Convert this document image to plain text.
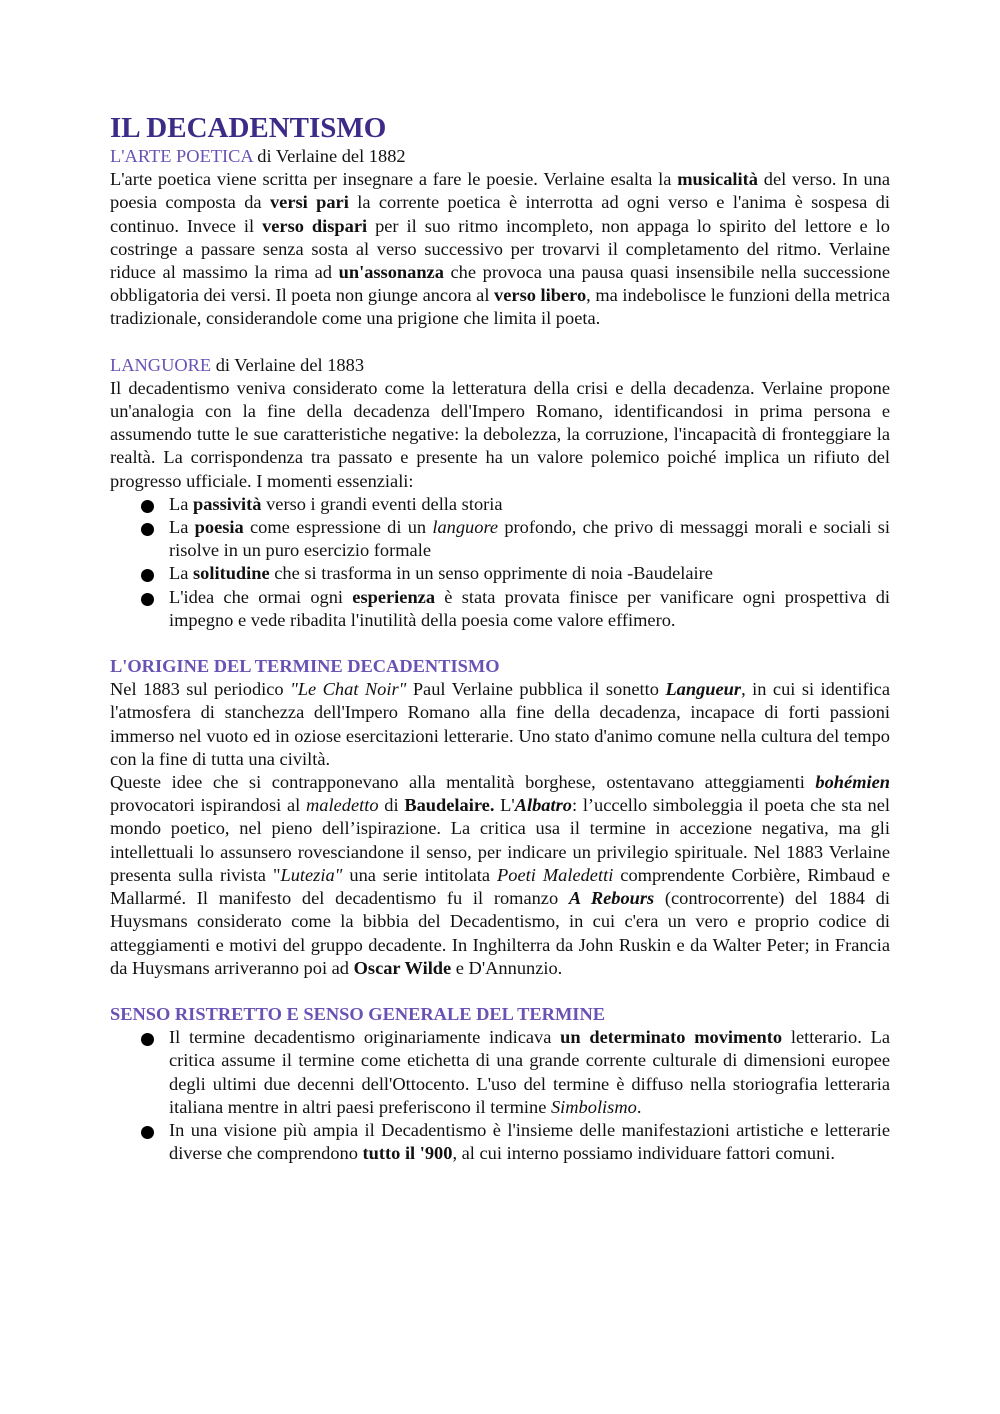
IL DECADENTISMO
L'ARTE POETICA di Verlaine del 1882

L'arte poetica viene scritta per insegnare a fare le poesie. Verlaine esalta la musicalità del verso. In una poesia composta da versi pari la corrente poetica è interrotta ad ogni verso e l'anima è sospesa di continuo. Invece il verso dispari per il suo ritmo incompleto, non appaga lo spirito del lettore e lo costringe a passare senza sosta al verso successivo per trovarvi il completamento del ritmo. Verlaine riduce al massimo la rima ad un'assonanza che provoca una pausa quasi insensibile nella successione obbligatoria dei versi. Il poeta non giunge ancora al verso libero, ma indebolisce le funzioni della metrica tradizionale, considerandole come una prigione che limita il poeta.

LANGUORE di Verlaine del 1883

Il decadentismo veniva considerato come la letteratura della crisi e della decadenza. Verlaine propone un'analogia con la fine della decadenza dell'Impero Romano, identificandosi in prima persona e assumendo tutte le sue caratteristiche negative: la debolezza, la corruzione, l'incapacità di fronteggiare la realtà. La corrispondenza tra passato e presente ha un valore polemico poiché implica un rifiuto del progresso ufficiale. I momenti essenziali:

La passività verso i grandi eventi della storia
La poesia come espressione di un languore profondo, che privo di messaggi morali e sociali si risolve in un puro esercizio formale
La solitudine che si trasforma in un senso opprimente di noia -Baudelaire
L'idea che ormai ogni esperienza è stata provata finisce per vanificare ogni prospettiva di impegno e vede ribadita l'inutilità della poesia come valore effimero.
L'ORIGINE DEL TERMINE DECADENTISMO

Nel 1883 sul periodico "Le Chat Noir" Paul Verlaine pubblica il sonetto Langueur, in cui si identifica l'atmosfera di stanchezza dell'Impero Romano alla fine della decadenza, incapace di forti passioni immerso nel vuoto ed in oziose esercitazioni letterarie. Uno stato d'animo comune nella cultura del tempo con la fine di tutta una civiltà.

Queste idee che si contrapponevano alla mentalità borghese, ostentavano atteggiamenti bohémien provocatori ispirandosi al maledetto di Baudelaire. L'Albatro: l’uccello simboleggia il poeta che sta nel mondo poetico, nel pieno dell’ispirazione. La critica usa il termine in accezione negativa, ma gli intellettuali lo assunsero rovesciandone il senso, per indicare un privilegio spirituale. Nel 1883 Verlaine presenta sulla rivista "Lutezia" una serie intitolata Poeti Maledetti comprendente Corbière, Rimbaud e Mallarmé. Il manifesto del decadentismo fu il romanzo A Rebours (controcorrente) del 1884 di Huysmans considerato come la bibbia del Decadentismo, in cui c'era un vero e proprio codice di atteggiamenti e motivi del gruppo decadente. In Inghilterra da John Ruskin e da Walter Peter; in Francia da Huysmans arriveranno poi ad Oscar Wilde e D'Annunzio.

SENSO RISTRETTO E SENSO GENERALE DEL TERMINE
Il termine decadentismo originariamente indicava un determinato movimento letterario. La critica assume il termine come etichetta di una grande corrente culturale di dimensioni europee degli ultimi due decenni dell'Ottocento. L'uso del termine è diffuso nella storiografia letteraria italiana mentre in altri paesi preferiscono il termine Simbolismo.
In una visione più ampia il Decadentismo è l'insieme delle manifestazioni artistiche e letterarie diverse che comprendono tutto il '900, al cui interno possiamo individuare fattori comuni.
